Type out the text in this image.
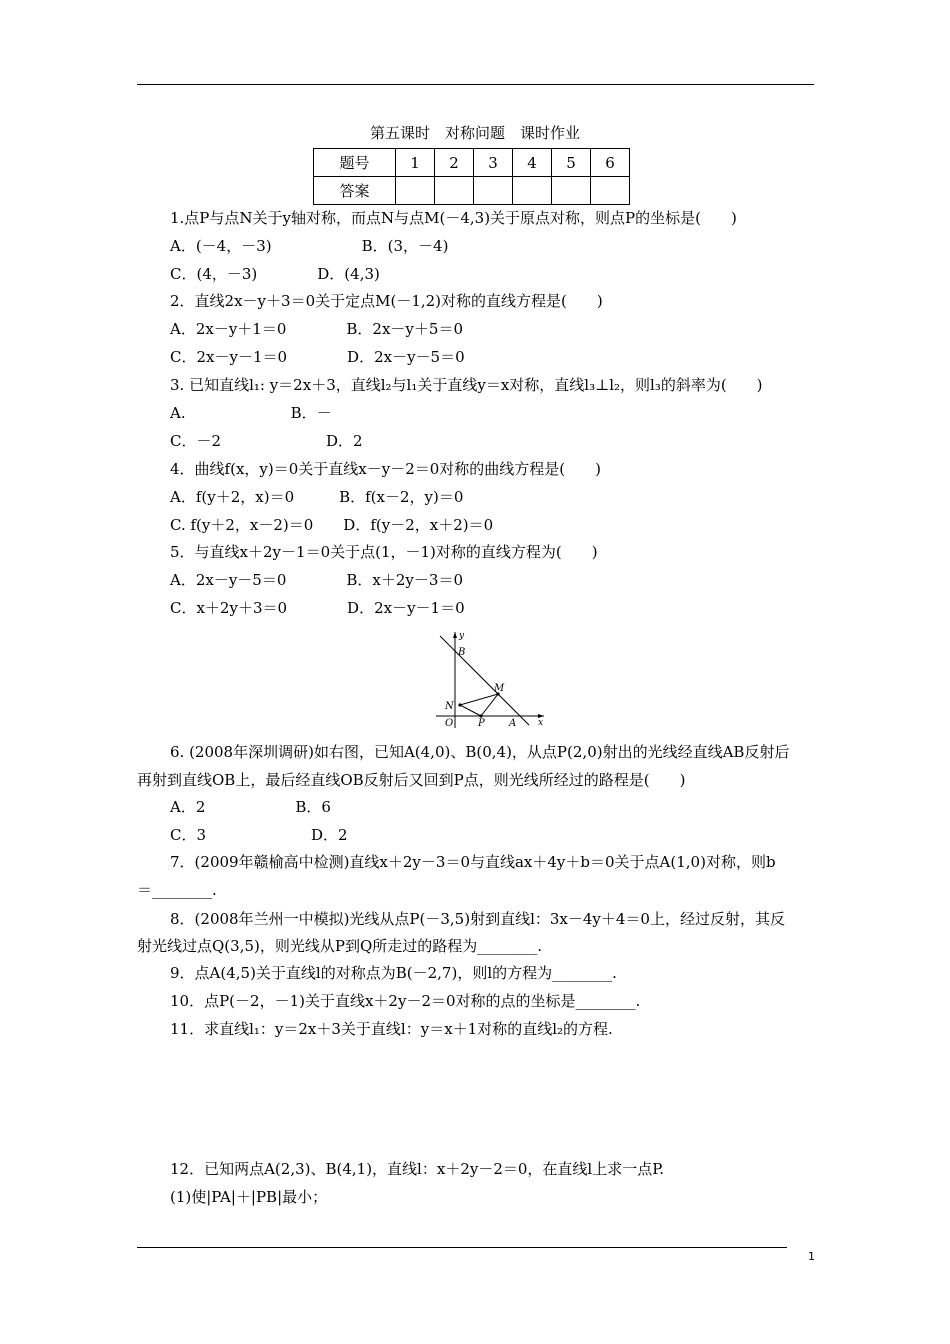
第五课时　对称问题　课时作业
题号	1	2	3	4	5	6
答案						
1.点P与点N关于y轴对称，而点N与点M(－4,3)关于原点对称，则点P的坐标是(　　)
A．(－4，－3)　　　　　　B．(3，－4)
C．(4，－3)　　　　D．(4,3)
2．直线2x－y＋3＝0关于定点M(－1,2)对称的直线方程是(　　)
A．2x－y＋1＝0　　　　B．2x－y＋5＝0
C．2x－y－1＝0　　　　D．2x－y－5＝0
3. 已知直线l₁: y＝2x＋3，直线l₂与l₁关于直线y＝x对称，直线l₃⊥l₂，则l₃的斜率为(　　)
A.　　　　　　　B．－
C．－2　　　　　　　D．2
4．曲线f(x，y)＝0关于直线x－y－2＝0对称的曲线方程是(　　)
A．f(y＋2，x)＝0　　　B．f(x－2，y)＝0
C. f(y＋2，x－2)＝0　　D．f(y－2，x＋2)＝0
5．与直线x＋2y－1＝0关于点(1，－1)对称的直线方程为(　　)
A．2x－y－5＝0　　　　B．x＋2y－3＝0
C．x＋2y＋3＝0　　　　D．2x－y－1＝0
y
B
M
N
O P A x
6. (2008年深圳调研)如右图，已知A(4,0)、B(0,4)，从点P(2,0)射出的光线经直线AB反射后
再射到直线OB上，最后经直线OB反射后又回到P点，则光线所经过的路程是(　　)
A．2　　　　　　B．6
C．3　　　　　　　D．2
7．(2009年赣榆高中检测)直线x＋2y－3＝0与直线ax＋4y＋b＝0关于点A(1,0)对称，则b
＝________.
8．(2008年兰州一中模拟)光线从点P(－3,5)射到直线l：3x－4y＋4＝0上，经过反射，其反
射光线过点Q(3,5)，则光线从P到Q所走过的路程为________.
9．点A(4,5)关于直线l的对称点为B(－2,7)，则l的方程为________.
10．点P(－2，－1)关于直线x＋2y－2＝0对称的点的坐标是________.
11．求直线l₁：y＝2x＋3关于直线l：y＝x＋1对称的直线l₂的方程.
12．已知两点A(2,3)、B(4,1)，直线l：x＋2y－2＝0，在直线l上求一点P.
(1)使|PA|＋|PB|最小；
1
